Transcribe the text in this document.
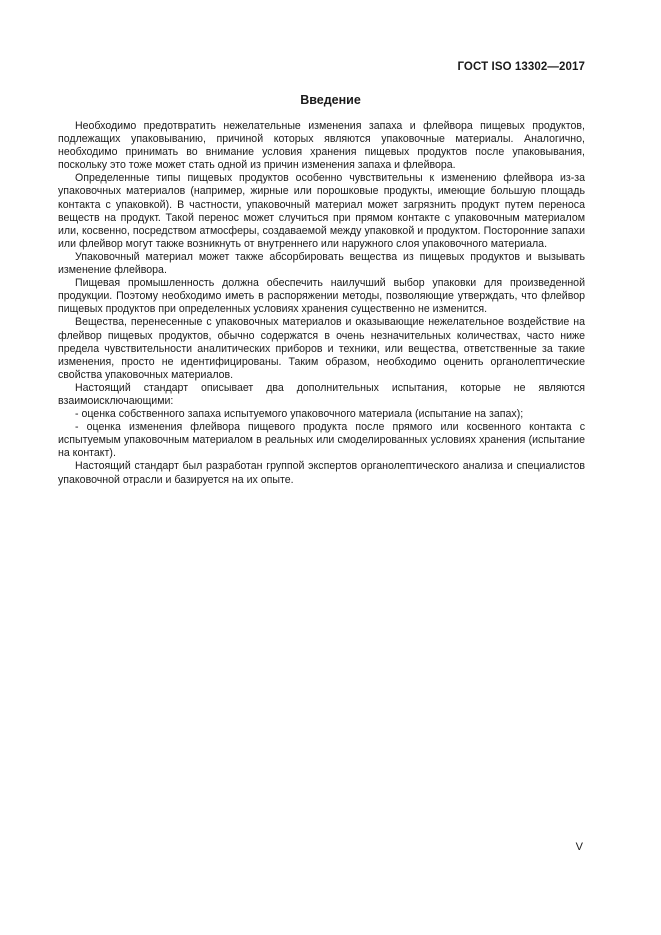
ГОСТ ISO 13302—2017
Введение

Необходимо предотвратить нежелательные изменения запаха и флейвора пищевых продуктов, подлежащих упаковыванию, причиной которых являются упаковочные материалы. Аналогично, необходимо принимать во внимание условия хранения пищевых продуктов после упаковывания, поскольку это тоже может стать одной из причин изменения запаха и флейвора.

Определенные типы пищевых продуктов особенно чувствительны к изменению флейвора из-за упаковочных материалов (например, жирные или порошковые продукты, имеющие большую площадь контакта с упаковкой). В частности, упаковочный материал может загрязнить продукт путем переноса веществ на продукт. Такой перенос может случиться при прямом контакте с упаковочным материалом или, косвенно, посредством атмосферы, создаваемой между упаковкой и продуктом. Посторонние запахи или флейвор могут также возникнуть от внутреннего или наружного слоя упаковочного материала.

Упаковочный материал может также абсорбировать вещества из пищевых продуктов и вызывать изменение флейвора.

Пищевая промышленность должна обеспечить наилучший выбор упаковки для произведенной продукции. Поэтому необходимо иметь в распоряжении методы, позволяющие утверждать, что флейвор пищевых продуктов при определенных условиях хранения существенно не изменится.

Вещества, перенесенные с упаковочных материалов и оказывающие нежелательное воздействие на флейвор пищевых продуктов, обычно содержатся в очень незначительных количествах, часто ниже предела чувствительности аналитических приборов и техники, или вещества, ответственные за такие изменения, просто не идентифицированы. Таким образом, необходимо оценить органолептические свойства упаковочных материалов.

Настоящий стандарт описывает два дополнительных испытания, которые не являются взаимоисключающими:

- оценка собственного запаха испытуемого упаковочного материала (испытание на запах);

- оценка изменения флейвора пищевого продукта после прямого или косвенного контакта с испытуемым упаковочным материалом в реальных или смоделированных условиях хранения (испытание на контакт).

Настоящий стандарт был разработан группой экспертов органолептического анализа и специалистов упаковочной отрасли и базируется на их опыте.

V
